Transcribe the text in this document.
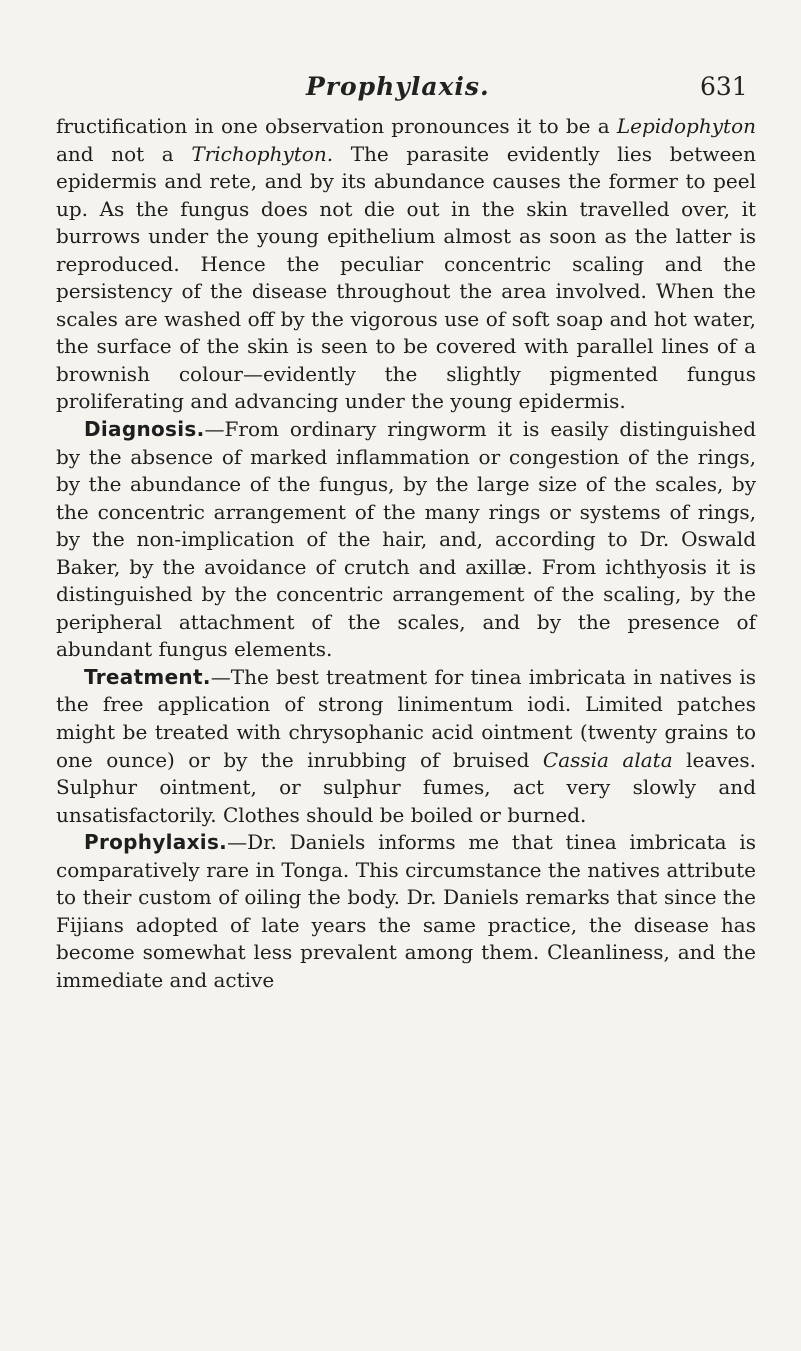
Prophylaxis.	631

fructification in one observation pronounces it to be a Lepidophyton and not a Trichophyton. The parasite evidently lies between epidermis and rete, and by its abundance causes the former to peel up. As the fungus does not die out in the skin travelled over, it burrows under the young epithelium almost as soon as the latter is reproduced. Hence the peculiar concentric scaling and the persistency of the disease throughout the area involved. When the scales are washed off by the vigorous use of soft soap and hot water, the surface of the skin is seen to be covered with parallel lines of a brownish colour—evidently the slightly pigmented fungus proliferating and advancing under the young epidermis.

Diagnosis.—From ordinary ringworm it is easily distinguished by the absence of marked inflammation or congestion of the rings, by the abundance of the fungus, by the large size of the scales, by the concentric arrangement of the many rings or systems of rings, by the non-implication of the hair, and, according to Dr. Oswald Baker, by the avoidance of crutch and axillæ. From ichthyosis it is distinguished by the concentric arrangement of the scaling, by the peripheral attachment of the scales, and by the presence of abundant fungus elements.

Treatment.—The best treatment for tinea imbricata in natives is the free application of strong linimentum iodi. Limited patches might be treated with chrysophanic acid ointment (twenty grains to one ounce) or by the inrubbing of bruised Cassia alata leaves. Sulphur ointment, or sulphur fumes, act very slowly and unsatisfactorily. Clothes should be boiled or burned.

Prophylaxis.—Dr. Daniels informs me that tinea imbricata is comparatively rare in Tonga. This circumstance the natives attribute to their custom of oiling the body. Dr. Daniels remarks that since the Fijians adopted of late years the same practice, the disease has become somewhat less prevalent among them. Cleanliness, and the immediate and active
